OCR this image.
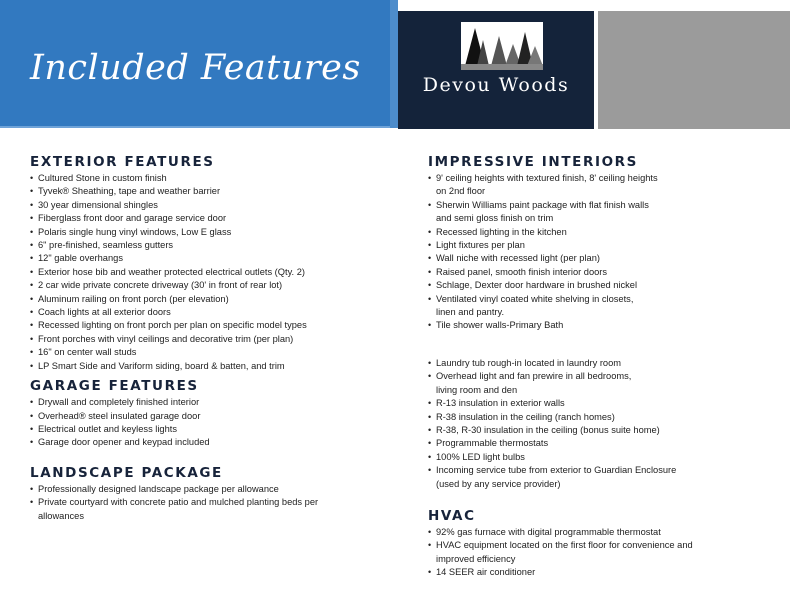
Included Features	Devou Woods
EXTERIOR FEATURES
• Cultured Stone in custom finish
• Tyvek® Sheathing, tape and weather barrier
• 30 year dimensional shingles
• Fiberglass front door and garage service door
• Polaris single hung vinyl windows, Low E glass
• 6" pre-finished, seamless gutters
• 12" gable overhangs
• Exterior hose bib and weather protected electrical outlets (Qty. 2)
• 2 car wide private concrete driveway (30' in front of rear lot)
• Aluminum railing on front porch (per elevation)
• Coach lights at all exterior doors
• Recessed lighting on front porch per plan on specific model types
• Front porches with vinyl ceilings and decorative trim (per plan)
• 16" on center wall studs
• LP Smart Side and Variform siding, board & batten, and trim
GARAGE FEATURES
• Drywall and completely finished interior
• Overhead® steel insulated garage door
• Electrical outlet and keyless lights
• Garage door opener and keypad included
LANDSCAPE PACKAGE
• Professionally designed landscape package per allowance
• Private courtyard with concrete patio and mulched planting beds per
allowances
IMPRESSIVE INTERIORS
• 9' ceiling heights with textured finish, 8' ceiling heights
on 2nd floor
• Sherwin Williams paint package with flat finish walls
and semi gloss finish on trim
• Recessed lighting in the kitchen
• Light fixtures per plan
• Wall niche with recessed light (per plan)
• Raised panel, smooth finish interior doors
• Schlage, Dexter door hardware in brushed nickel
• Ventilated vinyl coated white shelving in closets,
linen and pantry.
• Tile shower walls-Primary Bath
• Laundry tub rough-in located in laundry room
• Overhead light and fan prewire in all bedrooms,
living room and den
• R-13 insulation in exterior walls
• R-38 insulation in the ceiling (ranch homes)
• R-38, R-30 insulation in the ceiling (bonus suite home)
• Programmable thermostats
• 100% LED light bulbs
• Incoming service tube from exterior to Guardian Enclosure
(used by any service provider)
HVAC
• 92% gas furnace with digital programmable thermostat
• HVAC equipment located on the first floor for convenience and
improved efficiency
• 14 SEER air conditioner
